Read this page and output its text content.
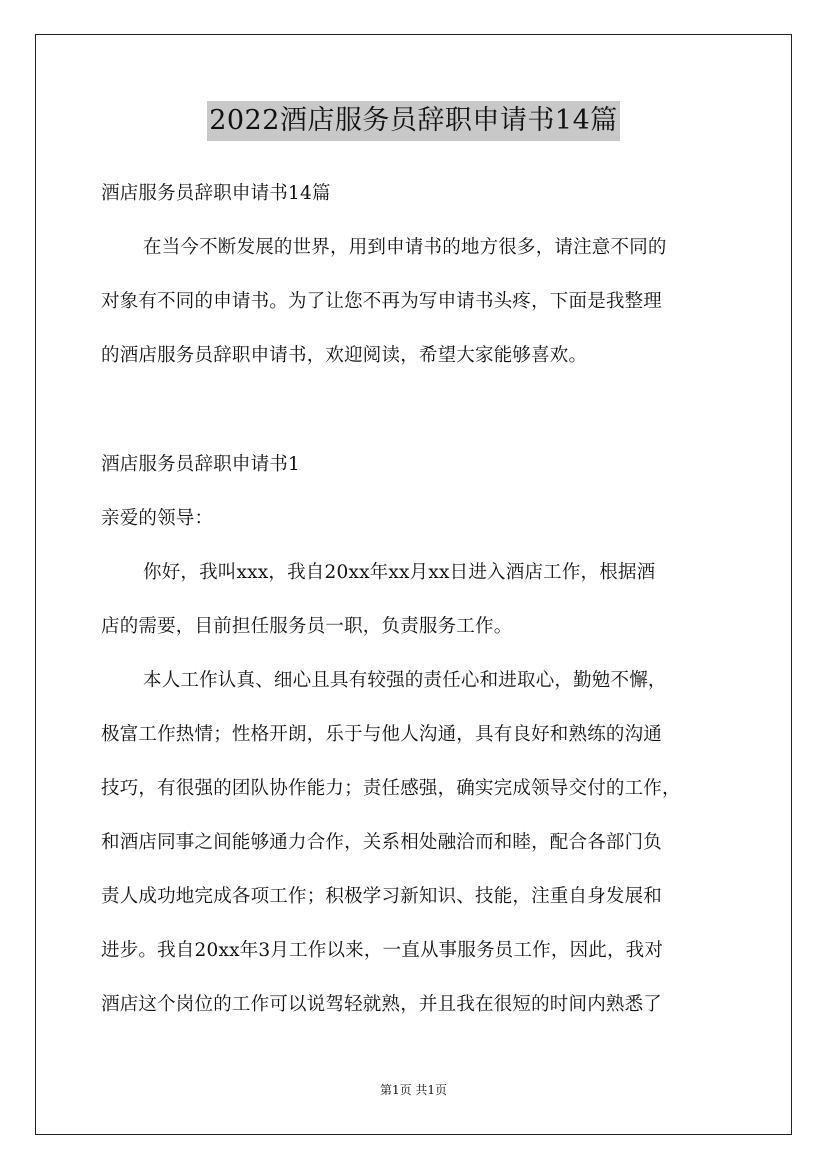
2022酒店服务员辞职申请书14篇
酒店服务员辞职申请书14篇
在当今不断发展的世界，用到申请书的地方很多，请注意不同的
对象有不同的申请书。为了让您不再为写申请书头疼，下面是我整理
的酒店服务员辞职申请书，欢迎阅读，希望大家能够喜欢。
酒店服务员辞职申请书1
亲爱的领导：
你好，我叫xxx，我自20xx年xx月xx日进入酒店工作，根据酒
店的需要，目前担任服务员一职，负责服务工作。
本人工作认真、细心且具有较强的责任心和进取心，勤勉不懈，
极富工作热情；性格开朗，乐于与他人沟通，具有良好和熟练的沟通
技巧，有很强的团队协作能力；责任感强，确实完成领导交付的工作，
和酒店同事之间能够通力合作，关系相处融洽而和睦，配合各部门负
责人成功地完成各项工作；积极学习新知识、技能，注重自身发展和
进步。我自20xx年3月工作以来，一直从事服务员工作，因此，我对
酒店这个岗位的工作可以说驾轻就熟，并且我在很短的时间内熟悉了
第1页 共1页
